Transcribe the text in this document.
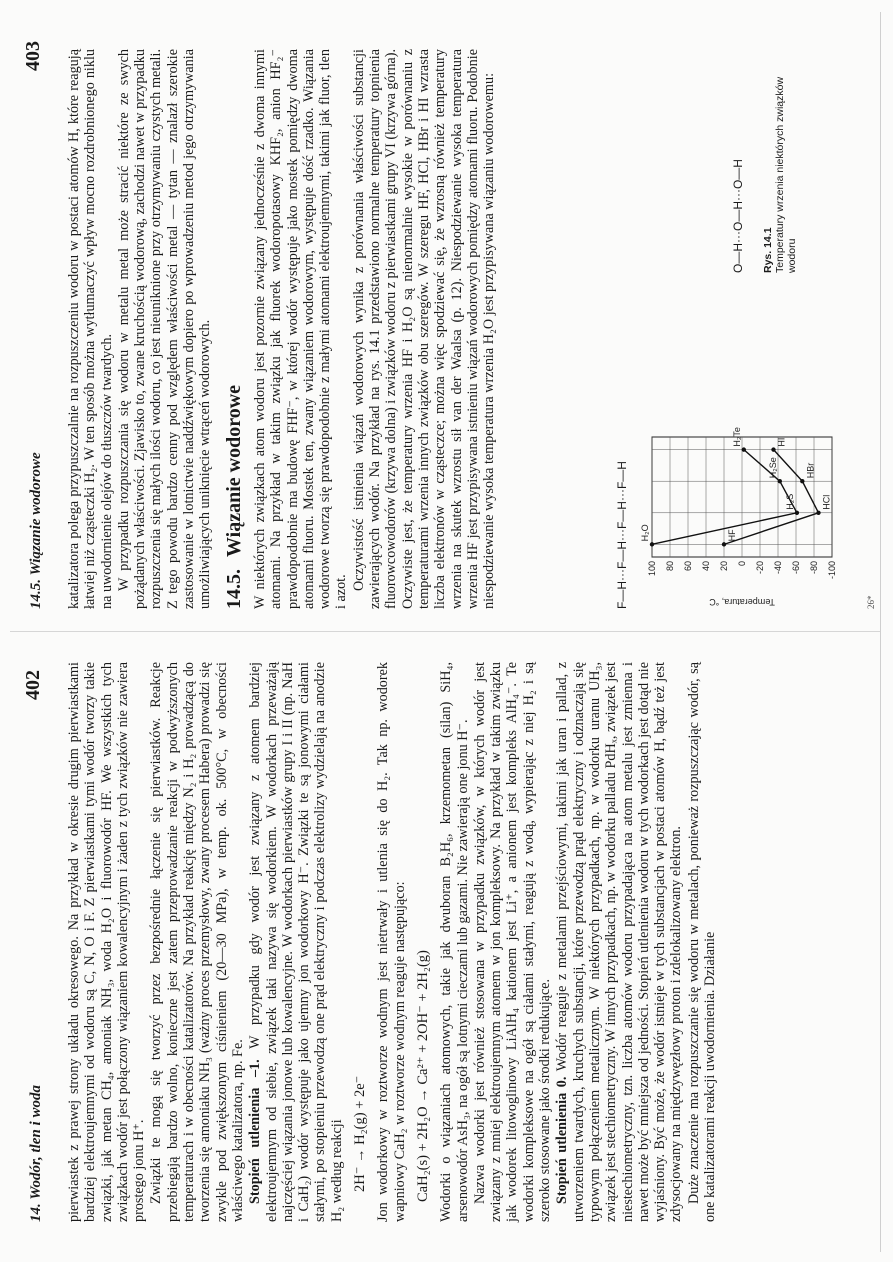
14. Wodór, tlen i woda
402 pierwiastek z prawej strony układu okresowego. Na przykład w okresie drugim pierwiastkami bardziej elektroujemnymi od wodoru są C, N, O i F. Z pierwiastkami tymi wodór tworzy takie związki, jak metan CH₄, amoniak NH₃, woda H₂O i fluorowodór HF. We wszystkich tych związkach wodór jest połączony wiązaniem kowalencyjnym i żaden z tych związków nie zawiera prostego jonu H⁺. Związki te mogą się tworzyć przez bezpośrednie łączenie się pierwiastków. Reakcje przebiegają bardzo wolno, konieczne jest zatem przeprowadzanie reakcji w podwyższonych temperaturach i w obecności katalizatorów. Na przykład reakcję między N₂ i H₂ prowadzącą do tworzenia się amoniaku NH₃ (ważny proces przemysłowy, zwany procesem Habera) prowadzi się zwykle pod zwiększonym ciśnieniem (20—30 MPa), w temp. ok. 500°C, w obecności właściwego katalizatora, np. Fe. Stopień utlenienia –1. W przypadku gdy wodór jest związany z atomem bardziej elektroujemnym od siebie, związek taki nazywa się wodorkiem. W wodorkach przeważają najczęściej wiązania jonowe lub kowalencyjne. W wodorkach pierwiastków grupy I i II (np. NaH i CaH₂) wodór występuje jako ujemny jon wodorkowy H⁻. Związki te są jonowymi ciałami stałymi, po stopieniu przewodzą one prąd elektryczny i podczas elektrolizy wydzielają na anodzie H₂ według reakcji 2H⁻ → H₂(g) + 2e⁻ Jon wodorkowy w roztworze wodnym jest nietrwały i utlenia się do H₂. Tak np. wodorek wapniowy CaH₂ w roztworze wodnym reaguje następująco: CaH₂(s) + 2H₂O → Ca²⁺ + 2OH⁻ + 2H₂(g) Wodorki o wiązaniach atomowych, takie jak dwuboran B₂H₆, krzemometan (silan) SiH₄, arsenowodór AsH₃, na ogół są lotnymi cieczami lub gazami. Nie zawierają one jonu H⁻. Nazwa wodorki jest również stosowana w przypadku związków, w których wodór jest związany z mniej elektroujemnym atomem w jon kompleksowy. Na przykład w takim związku jak wodorek litowoglinowy LiAlH₄ kationem jest Li⁺, a anionem jest kompleks AlH₄⁻. Te wodorki kompleksowe na ogół są ciałami stałymi, reagują z wodą, wypierając z niej H₂ i są szeroko stosowane jako środki redukujące. Stopień utlenienia 0. Wodór reaguje z metalami przejściowymi, takimi jak uran i pallad, z utworzeniem twardych, kruchych substancji, które przewodzą prąd elektryczny i odznaczają się typowym połączeniem metalicznym. W niektórych przypadkach, np. w wodorku uranu UH₃, związek jest stechiometryczny. W innych przypadkach, np. w wodorku palladu PdHₓ, związek jest niestechiometryczny, tzn. liczba atomów wodoru przypadająca na atom metalu jest zmienna i nawet może być mniejsza od jedności. Stopień utlenienia wodoru w tych wodorkach jest dotąd nie wyjaśniony. Być może, że wodór istnieje w tych substancjach w postaci atomów H, bądź też jest zdysocjowany na międzywęzłowy proton i zdelokalizowany elektron. Duże znaczenie ma rozpuszczanie się wodoru w metalach, ponieważ rozpuszczając wodór, są one katalizatorami reakcji uwodornienia. Działanie

14.5. Wiązanie wodorowe
403 katalizatora polega przypuszczalnie na rozpuszczeniu wodoru w postaci atomów H, które reagują łatwiej niż cząsteczki H₂. W ten sposób można wytłumaczyć wpływ mocno rozdrobnionego niklu na uwodornienie olejów do tłuszczów twardych. W przypadku rozpuszczania się wodoru w metalu metal może stracić niektóre ze swych pożądanych właściwości. Zjawisko to, zwane kruchością wodorową, zachodzi nawet w przypadku rozpuszczenia się małych ilości wodoru, co jest nieuniknione przy otrzymywaniu czystych metali. Z tego powodu bardzo cenny pod względem właściwości metal — tytan — znalazł szerokie zastosowanie w lotnictwie naddźwiękowym dopiero po wprowadzeniu metod jego otrzymywania umożliwiających uniknięcie wtrąceń wodorowych. 14.5.Wiązanie wodorowe W niektórych związkach atom wodoru jest pozornie związany jednocześnie z dwoma innymi atomami. Na przykład w takim związku jak fluorek wodoropotasowy KHF₂, anion HF₂⁻ prawdopodobnie ma budowę FHF⁻, w której wodór występuje jako mostek pomiędzy dwoma atomami fluoru. Mostek ten, zwany wiązaniem wodorowym, występuje dość rzadko. Wiązania wodorowe tworzą się prawdopodobnie z małymi atomami elektroujemnymi, takimi jak fluor, tlen i azot.

Oczywistość istnienia wiązań wodorowych wynika z porównania właściwości substancji zawierających wodór. Na przykład na rys. 14.1 przedstawiono normalne temperatury topnienia fluorowcowodorów (krzywa dolna) i związków wodoru z pierwiastkami grupy VI (krzywa górna). Oczywiste jest, że temperatury wrzenia HF i H₂O są nienormalnie wysokie w porównaniu z temperaturami wrzenia innych związków obu szeregów. W szeregu HF, HCl, HBr i HI wzrasta liczba elektronów w cząsteczce; można więc spodziewać się, że wzrosną również temperatury wrzenia na skutek wzrostu sił van der Waalsa (p. 12). Niespodziewanie wysoka temperatura wrzenia HF jest przypisywana istnieniu wiązań wodorowych pomiędzy atomami fluoru. Podobnie niespodziewanie wysoka temperatura wrzenia H₂O jest przypisywana wiązaniu wodorowemu:	100 80 60 40 20 0 -20 -40 -60 -80 -100
Temperatura, °C
H₂O
H₂S
H₂Se
H₂Te
HF
HCl
HBr
HI
O—H···O—H···O—H Rys. 14.1
Temperatury wrzenia niektórych związków wodoru
F—H···F—H···F—H···F—H	26*
